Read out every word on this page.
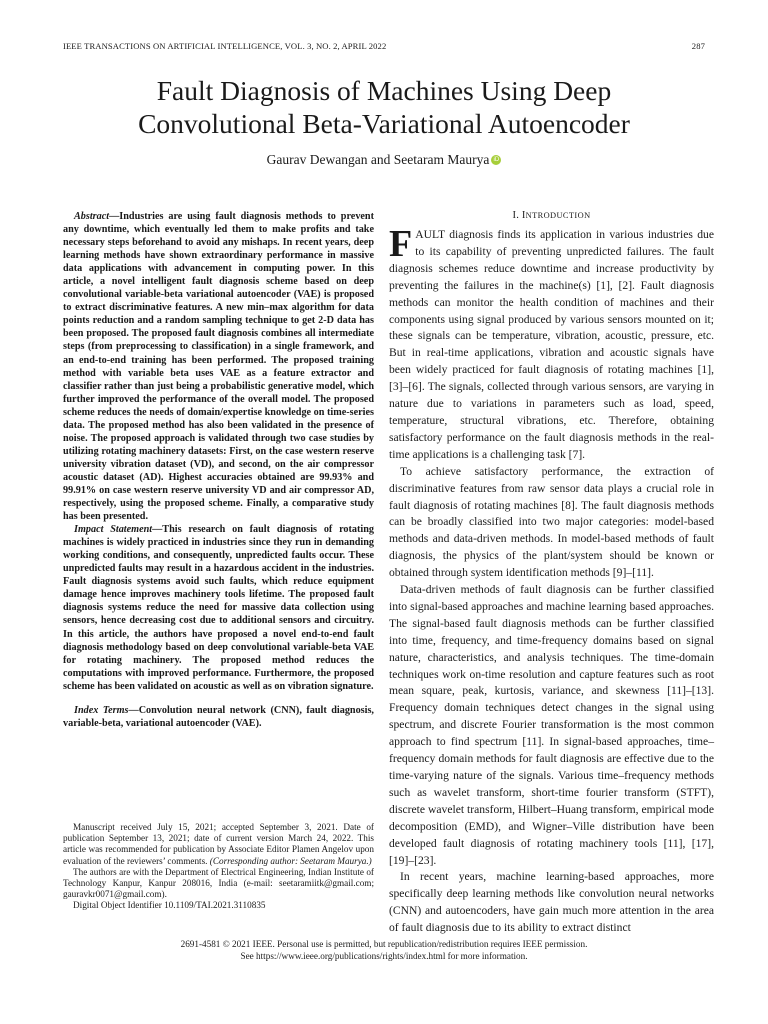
IEEE TRANSACTIONS ON ARTIFICIAL INTELLIGENCE, VOL. 3, NO. 2, APRIL 2022	287
Fault Diagnosis of Machines Using Deep
Convolutional Beta-Variational Autoencoder
Gaurav Dewangan and Seetaram Maurya iD

Abstract—Industries are using fault diagnosis methods to prevent any downtime, which eventually led them to make profits and take necessary steps beforehand to avoid any mishaps. In recent years, deep learning methods have shown extraordinary performance in massive data applications with advancement in computing power. In this article, a novel intelligent fault diagnosis scheme based on deep convolutional variable-beta variational autoencoder (VAE) is proposed to extract discriminative features. A new min–max algorithm for data points reduction and a random sampling technique to get 2-D data has been proposed. The proposed fault diagnosis combines all intermediate steps (from preprocessing to classification) in a single framework, and an end-to-end training has been performed. The proposed training method with variable beta uses VAE as a feature extractor and classifier rather than just being a probabilistic generative model, which further improved the performance of the overall model. The proposed scheme reduces the needs of domain/expertise knowledge on time-series data. The proposed method has also been validated in the presence of noise. The proposed approach is validated through two case studies by utilizing rotating machinery datasets: First, on the case western reserve university vibration dataset (VD), and second, on the air compressor acoustic dataset (AD). Highest accuracies obtained are 99.93% and 99.91% on case western reserve university VD and air compressor AD, respectively, using the proposed scheme. Finally, a comparative study has been presented.

Impact Statement—This research on fault diagnosis of rotating machines is widely practiced in industries since they run in demanding working conditions, and consequently, unpredicted faults occur. These unpredicted faults may result in a hazardous accident in the industries. Fault diagnosis systems avoid such faults, which reduce equipment damage hence improves machinery tools lifetime. The proposed fault diagnosis systems reduce the need for massive data collection using sensors, hence decreasing cost due to additional sensors and circuitry. In this article, the authors have proposed a novel end-to-end fault diagnosis methodology based on deep convolutional variable-beta VAE for rotating machinery. The proposed method reduces the computations with improved performance. Furthermore, the proposed scheme has been validated on acoustic as well as on vibration signature.

Index Terms—Convolution neural network (CNN), fault diagnosis, variable-beta, variational autoencoder (VAE).

Manuscript received July 15, 2021; accepted September 3, 2021. Date of publication September 13, 2021; date of current version March 24, 2022. This article was recommended for publication by Associate Editor Plamen Angelov upon evaluation of the reviewers’ comments. (Corresponding author: Seetaram Maurya.)

The authors are with the Department of Electrical Engineering, Indian Institute of Technology Kanpur, Kanpur 208016, India (e-mail: seetaramiitk@gmail.com; gauravkr0071@gmail.com).

Digital Object Identifier 10.1109/TAI.2021.3110835

I. INTRODUCTION

FAULT diagnosis finds its application in various industries due to its capability of preventing unpredicted failures. The fault diagnosis schemes reduce downtime and increase productivity by preventing the failures in the machine(s) [1], [2]. Fault diagnosis methods can monitor the health condition of machines and their components using signal produced by various sensors mounted on it; these signals can be temperature, vibration, acoustic, pressure, etc. But in real-time applications, vibration and acoustic signals have been widely practiced for fault diagnosis of rotating machines [1], [3]–[6]. The signals, collected through various sensors, are varying in nature due to variations in parameters such as load, speed, temperature, structural vibrations, etc. Therefore, obtaining satisfactory performance on the fault diagnosis methods in the real-time applications is a challenging task [7].

To achieve satisfactory performance, the extraction of discriminative features from raw sensor data plays a crucial role in fault diagnosis of rotating machines [8]. The fault diagnosis methods can be broadly classified into two major categories: model-based methods and data-driven methods. In model-based methods of fault diagnosis, the physics of the plant/system should be known or obtained through system identification methods [9]–[11].

Data-driven methods of fault diagnosis can be further classified into signal-based approaches and machine learning based approaches. The signal-based fault diagnosis methods can be further classified into time, frequency, and time-frequency domains based on signal nature, characteristics, and analysis techniques. The time-domain techniques work on-time resolution and capture features such as root mean square, peak, kurtosis, variance, and skewness [11]–[13]. Frequency domain techniques detect changes in the signal using spectrum, and discrete Fourier transformation is the most common approach to find spectrum [11]. In signal-based approaches, time–frequency domain methods for fault diagnosis are effective due to the time-varying nature of the signals. Various time–frequency methods such as wavelet transform, short-time fourier transform (STFT), discrete wavelet transform, Hilbert–Huang transform, empirical mode decomposition (EMD), and Wigner–Ville distribution have been developed fault diagnosis of rotating machinery tools [11], [17], [19]–[23].

In recent years, machine learning-based approaches, more specifically deep learning methods like convolution neural networks (CNN) and autoencoders, have gain much more attention in the area of fault diagnosis due to its ability to extract distinct

2691-4581 © 2021 IEEE. Personal use is permitted, but republication/redistribution requires IEEE permission.
See https://www.ieee.org/publications/rights/index.html for more information.
